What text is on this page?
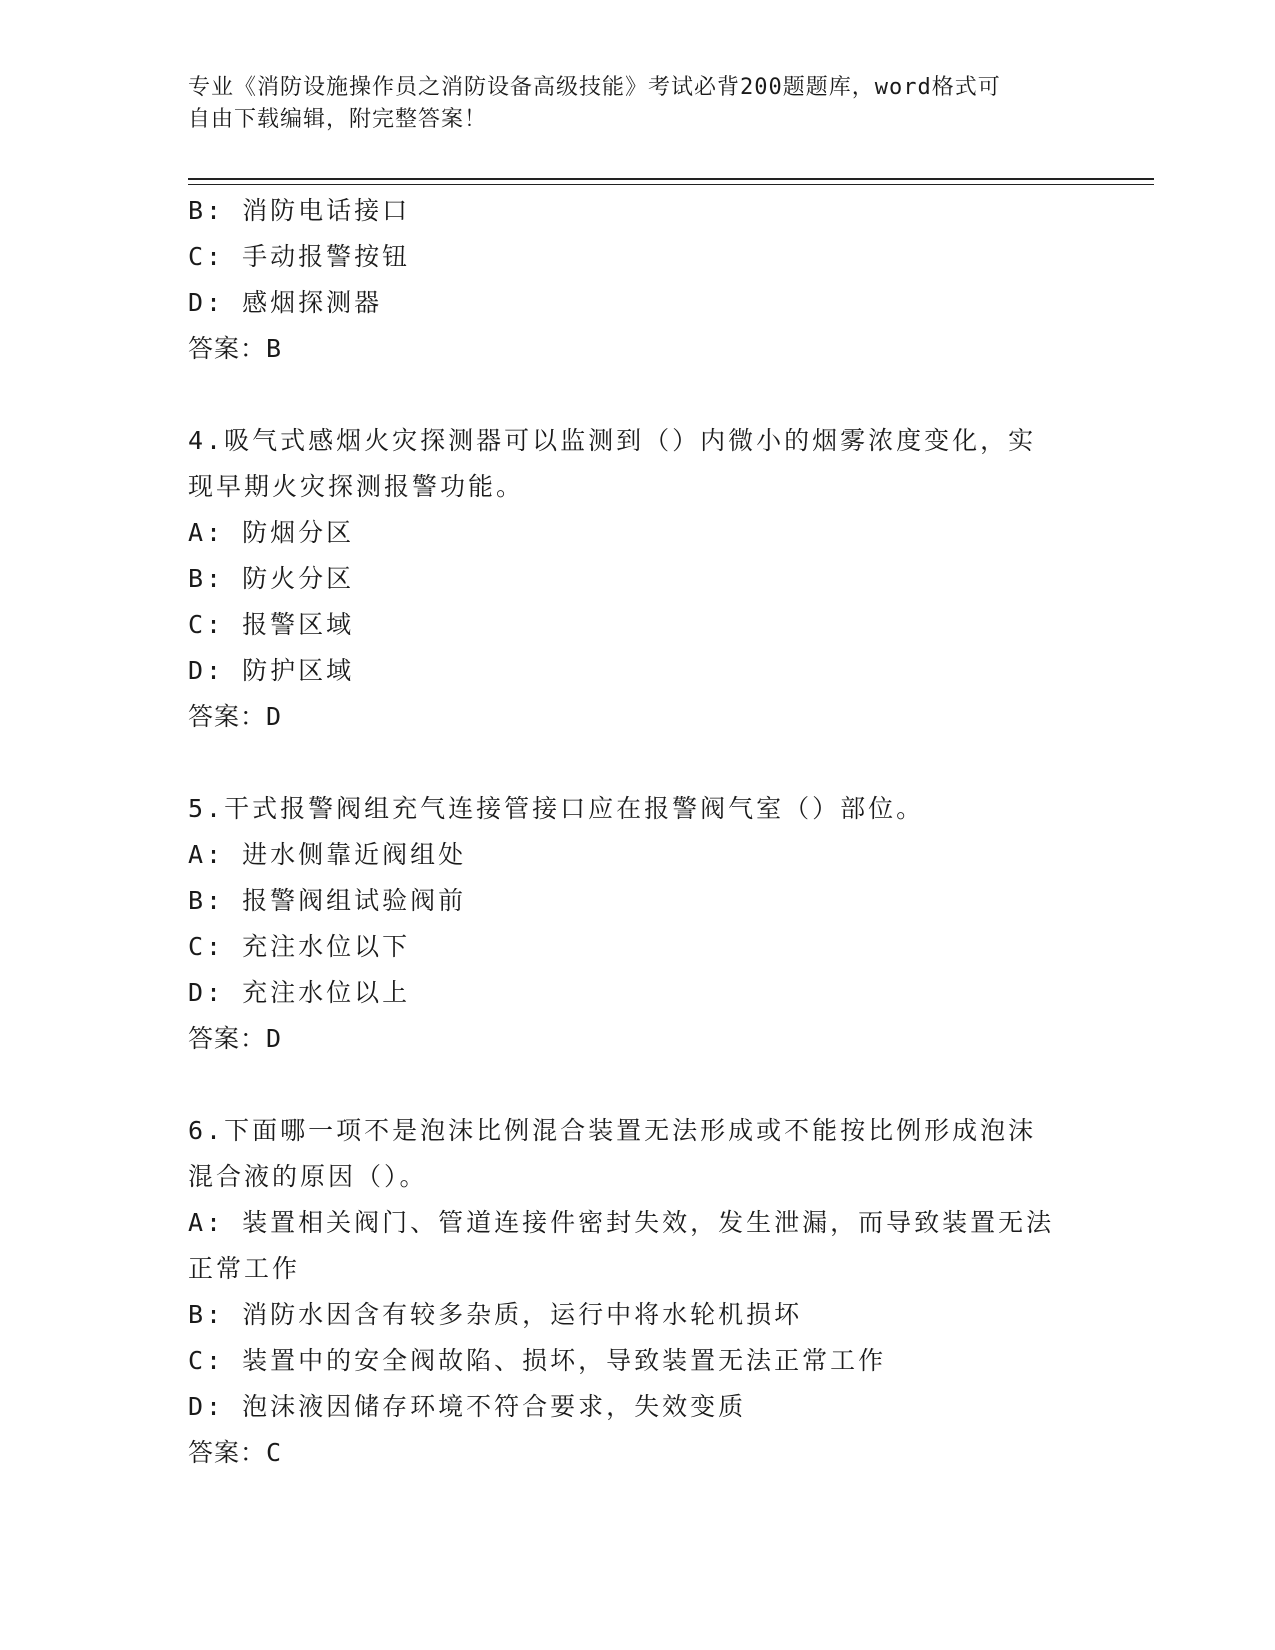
专业《消防设施操作员之消防设备高级技能》考试必背200题题库，word格式可
自由下载编辑，附完整答案！
B: 消防电话接口
C: 手动报警按钮
D: 感烟探测器
答案：B
4.吸气式感烟火灾探测器可以监测到（）内微小的烟雾浓度变化，实
现早期火灾探测报警功能。
A: 防烟分区
B: 防火分区
C: 报警区域
D: 防护区域
答案：D
5.干式报警阀组充气连接管接口应在报警阀气室（）部位。
A: 进水侧靠近阀组处
B: 报警阀组试验阀前
C: 充注水位以下
D: 充注水位以上
答案：D
6.下面哪一项不是泡沫比例混合装置无法形成或不能按比例形成泡沫
混合液的原因（）。
A: 装置相关阀门、管道连接件密封失效，发生泄漏，而导致装置无法
正常工作
B: 消防水因含有较多杂质，运行中将水轮机损坏
C: 装置中的安全阀故陷、损坏，导致装置无法正常工作
D: 泡沫液因储存环境不符合要求，失效变质
答案：C
